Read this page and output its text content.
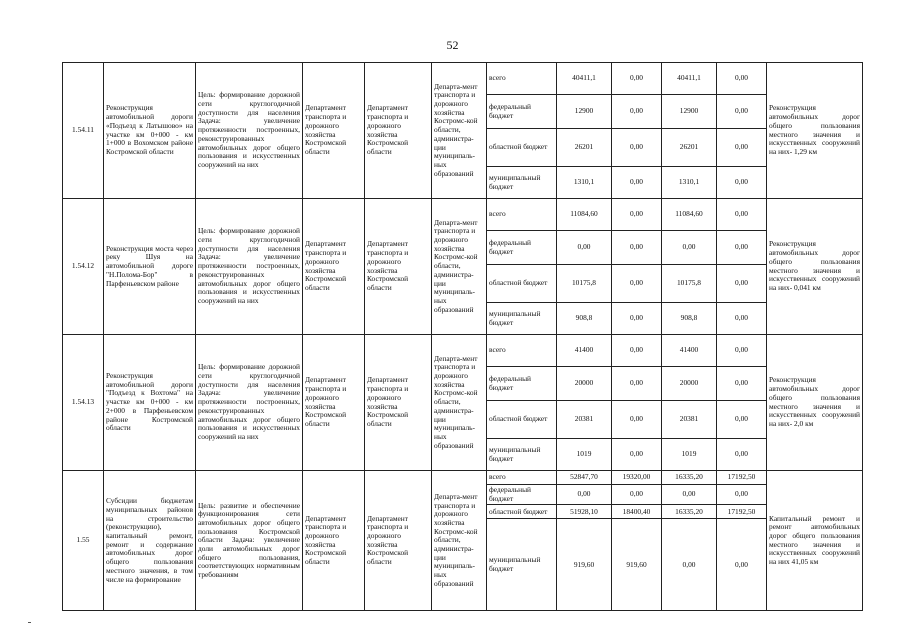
52
1.54.11	Реконструкция автомобильной дороги «Подъезд к Латышово» на участке км 0+000 - км 1+000 в Вохомском районе Костромской области	Цель: формирование дорожной сети круглогодичной доступности для населения Задача: увеличение протяженности построенных, реконструированных автомобильных дорог общего пользования и искусственных сооружений на них	Департамент транспорта и дорожного хозяйства Костромской области	Департамент транспорта и дорожного хозяйства Костромской области	Департа-мент транспорта и дорожного хозяйства Костромс-кой области, администра-ции муниципаль-ных образований	всего	40411,1	0,00	40411,1	0,00	Реконструкция автомобильных дорог общего пользования местного значения и искусственных сооружений на них- 1,29 км
						федеральный бюджет	12900	0,00	12900	0,00	
						областной бюджет	26201	0,00	26201	0,00	
						муниципальный бюджет	1310,1	0,00	1310,1	0,00	
1.54.12	Реконструкция моста через реку Шуя на автомобильной дороге "Н.Полома-Бор" в Парфеньевском районе	Цель: формирование дорожной сети круглогодичной доступности для населения Задача: увеличение протяженности построенных, реконструированных автомобильных дорог общего пользования и искусственных сооружений на них	Департамент транспорта и дорожного хозяйства Костромской области	Департамент транспорта и дорожного хозяйства Костромской области	Департа-мент транспорта и дорожного хозяйства Костромс-кой области, администра-ции муниципаль-ных образований	всего	11084,60	0,00	11084,60	0,00	Реконструкция автомобильных дорог общего пользования местного значения и искусственных сооружений на них- 0,041 км
						федеральный бюджет	0,00	0,00	0,00	0,00	
						областной бюджет	10175,8	0,00	10175,8	0,00	
						муниципальный бюджет	908,8	0,00	908,8	0,00	
1.54.13	Реконструкция автомобильной дороги "Подъезд к Вохтома" на участке км 0+000 - км 2+000 в Парфеньевском районе Костромской области	Цель: формирование дорожной сети круглогодичной доступности для населения Задача: увеличение протяженности построенных, реконструированных автомобильных дорог общего пользования и искусственных сооружений на них	Департамент транспорта и дорожного хозяйства Костромской области	Департамент транспорта и дорожного хозяйства Костромской области	Департа-мент транспорта и дорожного хозяйства Костромс-кой области, администра-ции муниципаль-ных образований	всего	41400	0,00	41400	0,00	Реконструкция автомобильных дорог общего пользования местного значения и искусственных сооружений на них- 2,0 км
						федеральный бюджет	20000	0,00	20000	0,00	
						областной бюджет	20381	0,00	20381	0,00	
						муниципальный бюджет	1019	0,00	1019	0,00	
1.55	Субсидии бюджетам муниципальных районов на строительство (реконструкцию), капитальный ремонт, ремонт и содержание автомобильных дорог общего пользования местного значения, в том числе на формирование	Цель: развитие и обеспечение функционирования сети автомобильных дорог общего пользования Костромской области Задача: увеличение доли автомобильных дорог общего пользования, соответствующих нормативным требованиям	Департамент транспорта и дорожного хозяйства Костромской области	Департамент транспорта и дорожного хозяйства Костромской области	Департа-мент транспорта и дорожного хозяйства Костромс-кой области, администра-ции муниципаль-ных образований	всего	52847,70	19320,00	16335,20	17192,50	Капитальный ремонт и ремонт автомобильных дорог общего пользования местного значения и искусственных сооружений на них 41,05 км
						федеральный бюджет	0,00	0,00	0,00	0,00	
						областной бюджет	51928,10	18400,40	16335,20	17192,50	
						муниципальный бюджет	919,60	919,60	0,00	0,00	
